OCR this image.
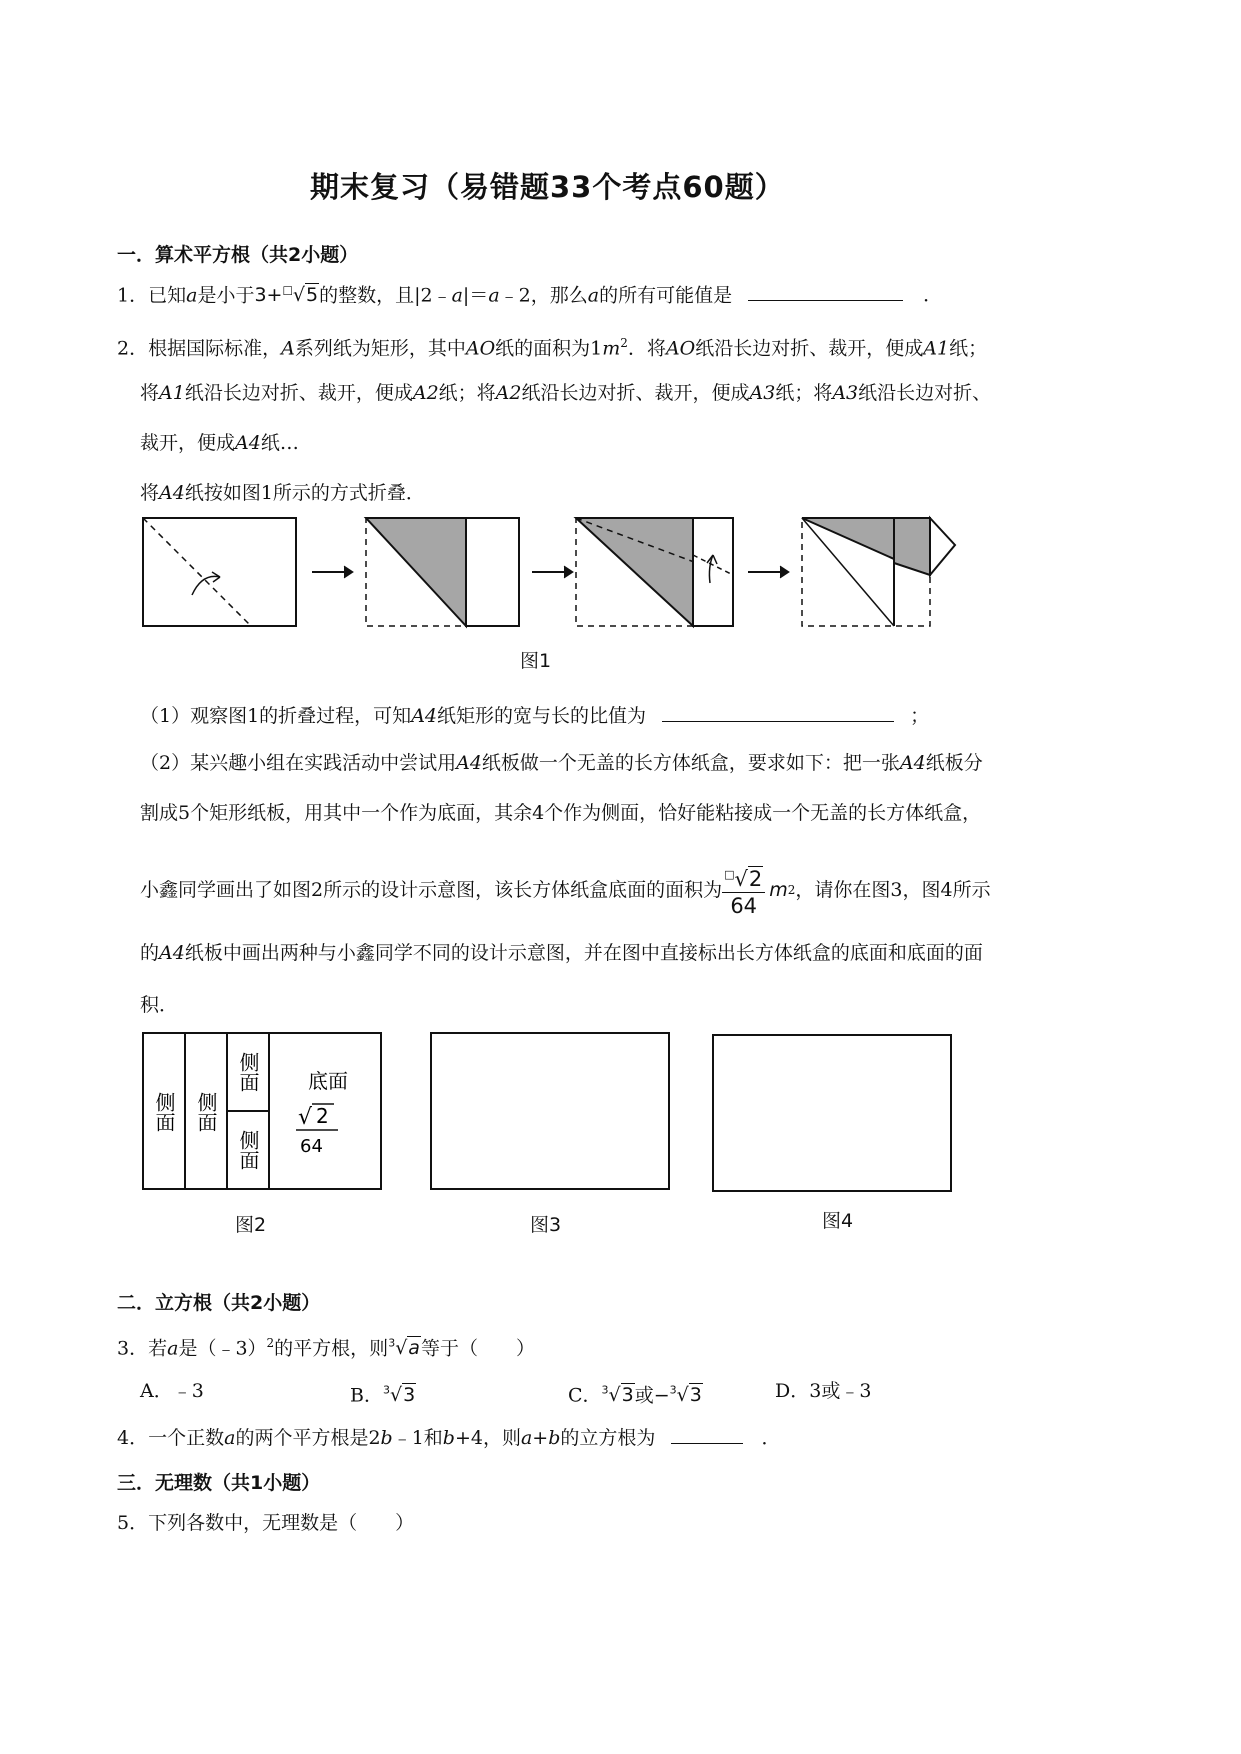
期末复习（易错题33个考点60题）
一．算术平方根（共2小题）
1．已知a是小于3+□√5的整数，且|2﹣a|＝a﹣2，那么a的所有可能值是	．
2．根据国际标准，A系列纸为矩形，其中AO纸的面积为$1m^2$．将AO纸沿长边对折、裁开，便成A1纸；
将A1纸沿长边对折、裁开，便成A2纸；将A2纸沿长边对折、裁开，便成A3纸；将A3纸沿长边对折、
裁开，便成A4纸…
将A4纸按如图1所示的方式折叠．
图1
（1）观察图1的折叠过程，可知A4纸矩形的宽与长的比值为	；
（2）某兴趣小组在实践活动中尝试用A4纸板做一个无盖的长方体纸盒，要求如下：把一张A4纸板分
割成5个矩形纸板，用其中一个作为底面，其余4个作为侧面，恰好能粘接成一个无盖的长方体纸盒，
小鑫同学画出了如图2所示的设计示意图，该长方体纸盒底面的面积为 $\frac{^□√2}{64}$ m 2 ，请你在图3，图4所示
的A4纸板中画出两种与小鑫同学不同的设计示意图，并在图中直接标出长方体纸盒的底面和底面的面
积．
侧面 侧面
侧面
侧面
底面
√ 2
64
图2	图3	图4
二．立方根（共2小题）
3．若a是（﹣3）$^2$的平方根，则$^3$√a等于（　　）
A．﹣3	B．$^3$√3	C．$^3$√3或−$^3$√3	D．3或﹣3
4．一个正数a的两个平方根是2b﹣1和b+4，则a+b的立方根为	．
三．无理数（共1小题）
5．下列各数中，无理数是（　　）
